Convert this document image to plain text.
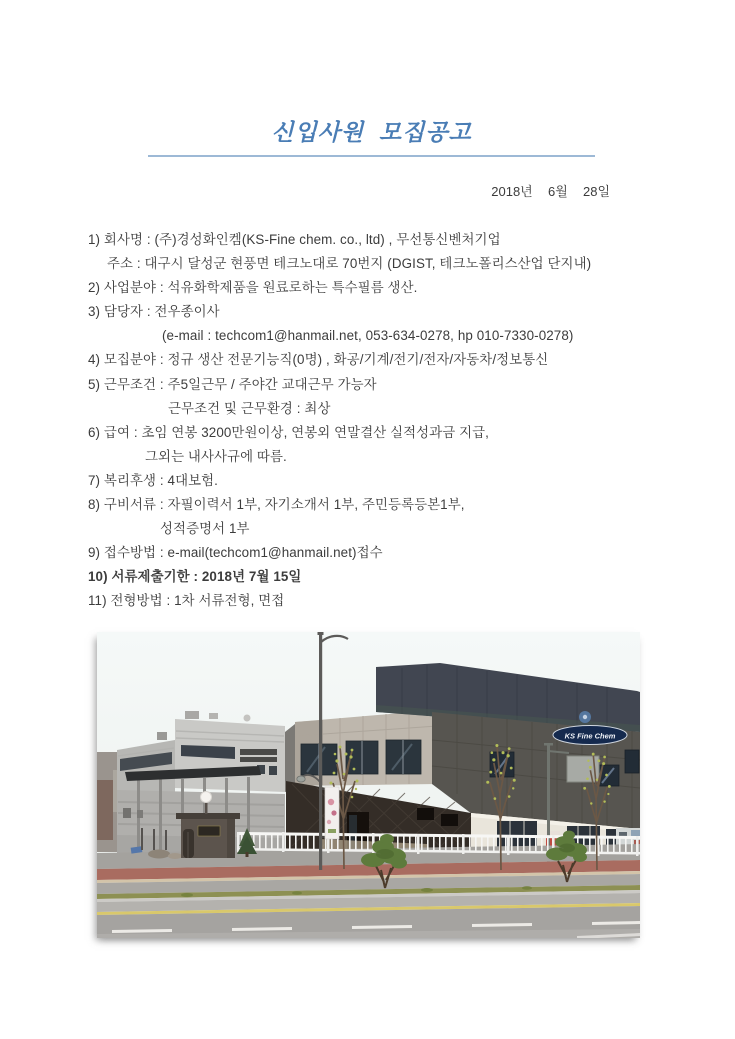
신입사원  모집공고
2018년  6월  28일
1) 회사명 : (주)경성화인켐(KS-Fine chem. co., ltd) , 무선통신벤처기업
주소 : 대구시 달성군 현풍면 테크노대로 70번지 (DGIST, 테크노폴리스산업 단지내)
2) 사업분야 : 석유화학제품을 원료로하는 특수필름 생산.
3) 담당자 : 전우종이사
(e-mail : techcom1@hanmail.net, 053-634-0278, hp 010-7330-0278)
4) 모집분야 : 정규 생산 전문기능직(0명) , 화공/기계/전기/전자/자동차/정보통신
5) 근무조건 : 주5일근무 / 주야간 교대근무 가능자
근무조건 및 근무환경 : 최상
6) 급여 : 초임 연봉 3200만원이상, 연봉외 연말결산 실적성과금 지급,
그외는 내사사규에 따름.
7) 복리후생 : 4대보험.
8) 구비서류 : 자필이력서 1부, 자기소개서 1부, 주민등록등본1부,
성적증명서 1부
9) 접수방법 : e-mail(techcom1@hanmail.net)접수
10) 서류제출기한 : 2018년 7월 15일
11) 전형방법 : 1차 서류전형, 면접
KS Fine Chem
